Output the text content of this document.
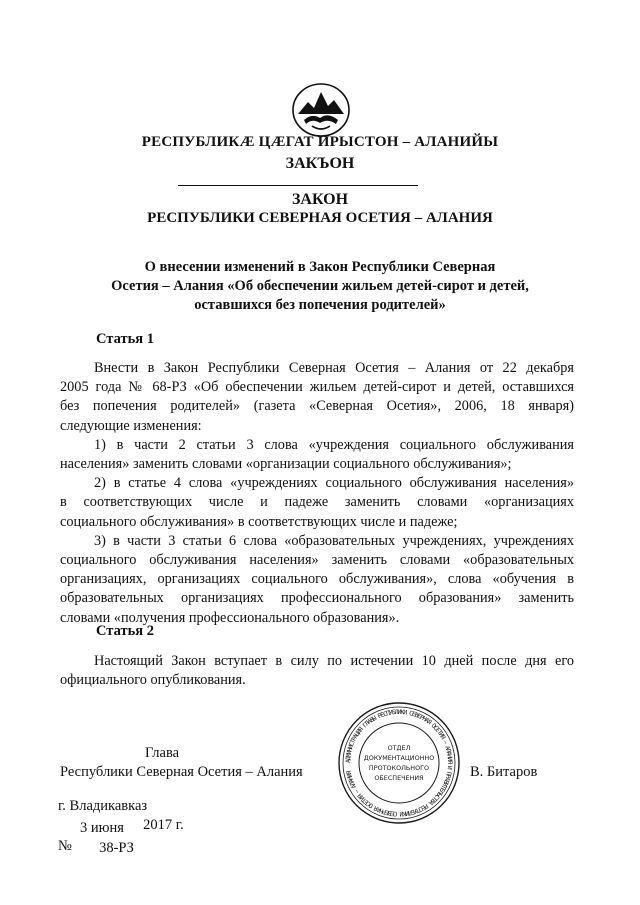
РЕСПУБЛИКӔ ЦӔГАТ ИРЫСТОН – АЛАНИЙЫ
ЗАКЪОН
ЗАКОН
РЕСПУБЛИКИ СЕВЕРНАЯ ОСЕТИЯ – АЛАНИЯ
О внесении изменений в Закон Республики Северная
Осетия – Алания «Об обеспечении жильем детей-сирот и детей,
оставшихся без попечения родителей»
Статья 1
Внести в Закон Республики Северная Осетия – Алания от 22 декабря
2005 года № 68-РЗ «Об обеспечении жильем детей-сирот и детей, оставшихся
без попечения родителей» (газета «Северная Осетия», 2006, 18 января)
следующие изменения:
1) в части 2 статьи 3 слова «учреждения социального обслуживания
населения» заменить словами «организации социального обслуживания»;
2) в статье 4 слова «учреждениях социального обслуживания населения»
в соответствующих числе и падеже заменить словами «организациях
социального обслуживания» в соответствующих числе и падеже;
3) в части 3 статьи 6 слова «образовательных учреждениях, учреждениях
социального обслуживания населения» заменить словами «образовательных
организациях, организациях социального обслуживания», слова «обучения в
образовательных организациях профессионального образования» заменить
словами «получения профессионального образования».
Статья 2
Настоящий Закон вступает в силу по истечении 10 дней после дня его
официального опубликования.
Глава
Республики Северная Осетия – Алания
АДМИНИСТРАЦИЯ ГЛАВЫ РЕСПУБЛИКИ СЕВЕРНАЯ ОСЕТИЯ – АЛАНИЯ И ПРАВИТЕЛЬСТВА РЕСПУБЛИКИ СЕВЕРНАЯ ОСЕТИЯ – АЛАНИЯ
ОТДЕЛ
ДОКУМЕНТАЦИОННО
ПРОТОКОЛЬНОГО
ОБЕСПЕЧЕНИЯ	В. Битаров
г. Владикавказ
3 июня 2017 г.
№ 38-РЗ
